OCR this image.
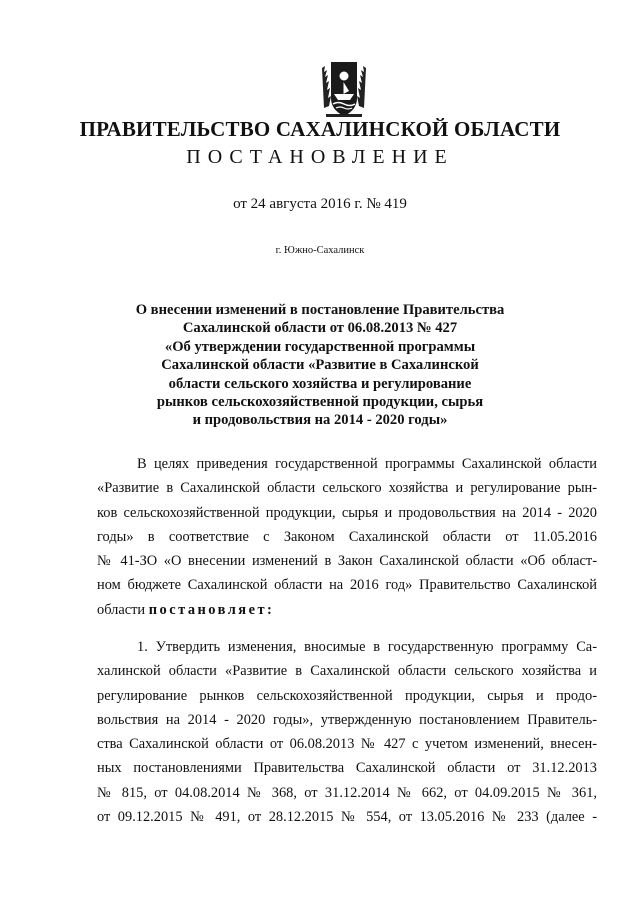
ПРАВИТЕЛЬСТВО САХАЛИНСКОЙ ОБЛАСТИ
ПОСТАНОВЛЕНИЕ
от 24 августа 2016 г. № 419
г. Южно-Сахалинск
О внесении изменений в постановление Правительства
Сахалинской области от 06.08.2013 № 427
«Об утверждении государственной программы
Сахалинской области «Развитие в Сахалинской
области сельского хозяйства и регулирование
рынков сельскохозяйственной продукции, сырья
и продовольствия на 2014 - 2020 годы»
В целях приведения государственной программы Сахалинской области
«Развитие в Сахалинской области сельского хозяйства и регулирование рын-
ков сельскохозяйственной продукции, сырья и продовольствия на 2014 - 2020
годы» в соответствие с Законом Сахалинской области от 11.05.2016
№ 41-ЗО «О внесении изменений в Закон Сахалинской области «Об област-
ном бюджете Сахалинской области на 2016 год» Правительство Сахалинской
области постановляет:
1. Утвердить изменения, вносимые в государственную программу Са-
халинской области «Развитие в Сахалинской области сельского хозяйства и
регулирование рынков сельскохозяйственной продукции, сырья и продо-
вольствия на 2014 - 2020 годы», утвержденную постановлением Правитель-
ства Сахалинской области от 06.08.2013 № 427 с учетом изменений, внесен-
ных постановлениями Правительства Сахалинской области от 31.12.2013
№ 815, от 04.08.2014 № 368, от 31.12.2014 № 662, от 04.09.2015 № 361,
от 09.12.2015 № 491, от 28.12.2015 № 554, от 13.05.2016 № 233 (далее -
